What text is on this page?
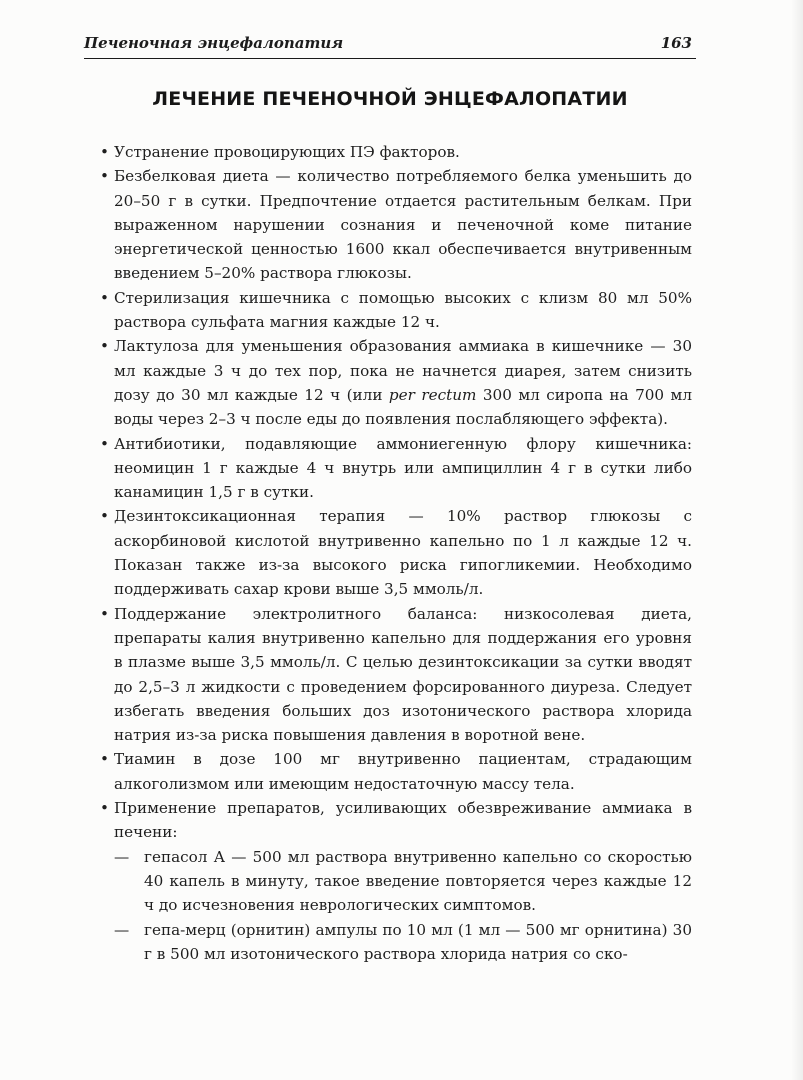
Печеночная энцефалопатия	163
ЛЕЧЕНИЕ ПЕЧЕНОЧНОЙ ЭНЦЕФАЛОПАТИИ
• Устранение провоцирующих ПЭ факторов.
• Безбелковая диета — количество потребляемого белка уменьшить до 20–50 г в сутки. Предпочтение отдается растительным белкам. При выраженном нарушении сознания и печеночной коме питание энергетической ценностью 1600 ккал обеспечивается внутривенным введением 5–20% раствора глюкозы.
• Стерилизация кишечника с помощью высоких с клизм 80 мл 50% раствора сульфата магния каждые 12 ч.
• Лактулоза для уменьшения образования аммиака в кишечнике — 30 мл каждые 3 ч до тех пор, пока не начнется диарея, затем снизить дозу до 30 мл каждые 12 ч (или per rectum 300 мл сиропа на 700 мл воды через 2–3 ч после еды до появления послабляющего эффекта).
• Антибиотики, подавляющие аммониегенную флору кишечника: неомицин 1 г каждые 4 ч внутрь или ампициллин 4 г в сутки либо канамицин 1,5 г в сутки.
• Дезинтоксикационная терапия — 10% раствор глюкозы с аскорбиновой кислотой внутривенно капельно по 1 л каждые 12 ч. Показан также из-за высокого риска гипогликемии. Необходимо поддерживать сахар крови выше 3,5 ммоль/л.
• Поддержание электролитного баланса: низкосолевая диета, препараты калия внутривенно капельно для поддержания его уровня в плазме выше 3,5 ммоль/л. С целью дезинтоксикации за сутки вводят до 2,5–3 л жидкости с проведением форсированного диуреза. Следует избегать введения больших доз изотонического раствора хлорида натрия из-за риска повышения давления в воротной вене.
• Тиамин в дозе 100 мг внутривенно пациентам, страдающим алкоголизмом или имеющим недостаточную массу тела.
• Применение препаратов, усиливающих обезвреживание аммиака в печени:
— гепасол А — 500 мл раствора внутривенно капельно со скоростью 40 капель в минуту, такое введение повторяется через каждые 12 ч до исчезновения неврологических симптомов.
— гепа-мерц (орнитин) ампулы по 10 мл (1 мл — 500 мг орнитина) 30 г в 500 мл изотонического раствора хлорида натрия со ско-
